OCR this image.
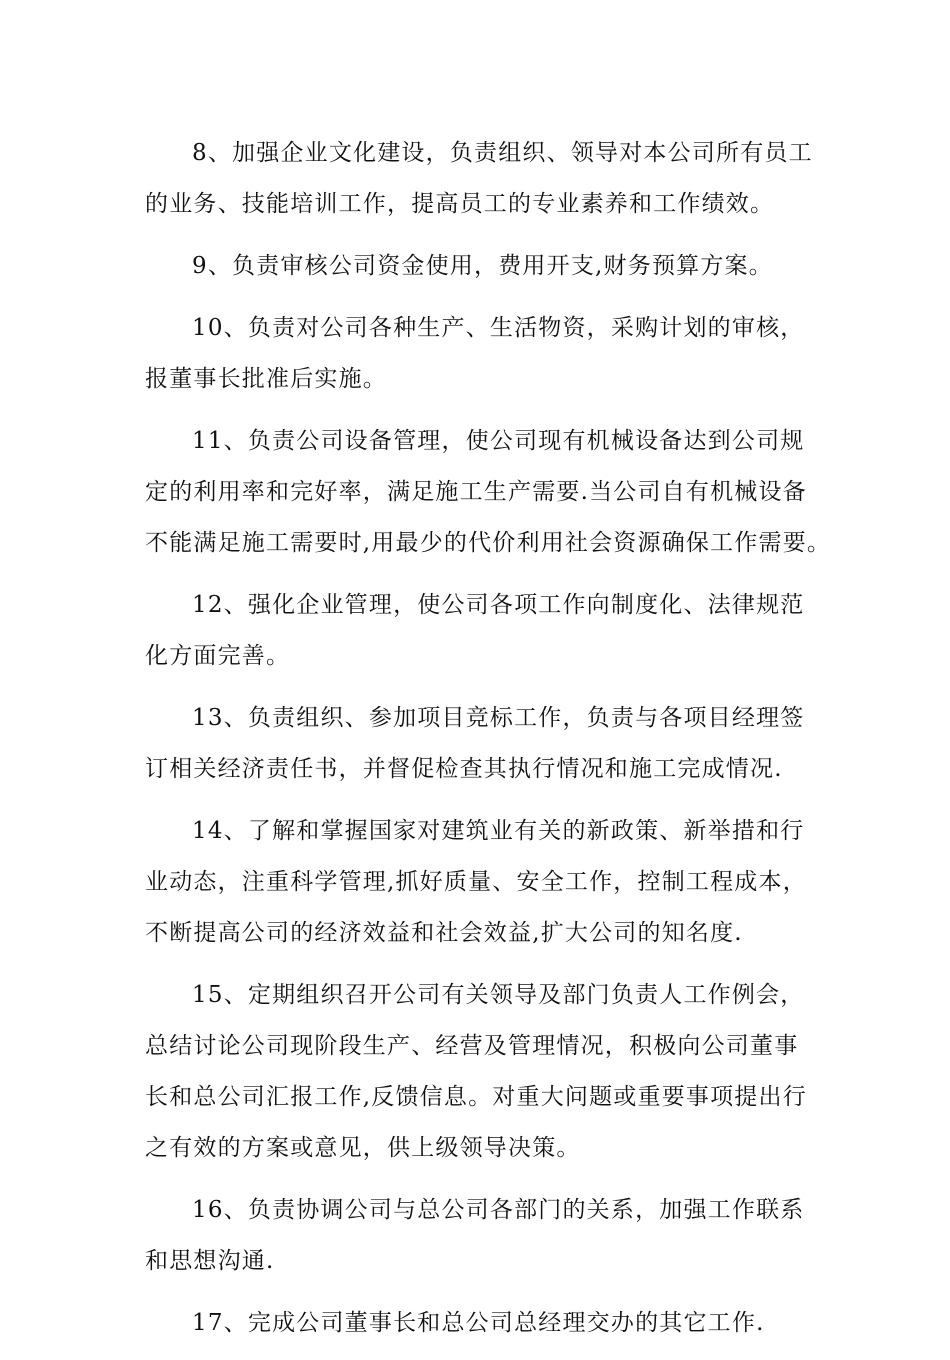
8、加强企业文化建设，负责组织、领导对本公司所有员工
的业务、技能培训工作，提高员工的专业素养和工作绩效。
9、负责审核公司资金使用，费用开支,财务预算方案。
10、负责对公司各种生产、生活物资，采购计划的审核，
报董事长批准后实施。
11、负责公司设备管理，使公司现有机械设备达到公司规
定的利用率和完好率，满足施工生产需要.当公司自有机械设备
不能满足施工需要时,用最少的代价利用社会资源确保工作需要。
12、强化企业管理，使公司各项工作向制度化、法律规范
化方面完善。
13、负责组织、参加项目竞标工作，负责与各项目经理签
订相关经济责任书，并督促检查其执行情况和施工完成情况.
14、了解和掌握国家对建筑业有关的新政策、新举措和行
业动态，注重科学管理,抓好质量、安全工作，控制工程成本，
不断提高公司的经济效益和社会效益,扩大公司的知名度.
15、定期组织召开公司有关领导及部门负责人工作例会，
总结讨论公司现阶段生产、经营及管理情况，积极向公司董事
长和总公司汇报工作,反馈信息。对重大问题或重要事项提出行
之有效的方案或意见，供上级领导决策。
16、负责协调公司与总公司各部门的关系，加强工作联系
和思想沟通.
17、完成公司董事长和总公司总经理交办的其它工作.
